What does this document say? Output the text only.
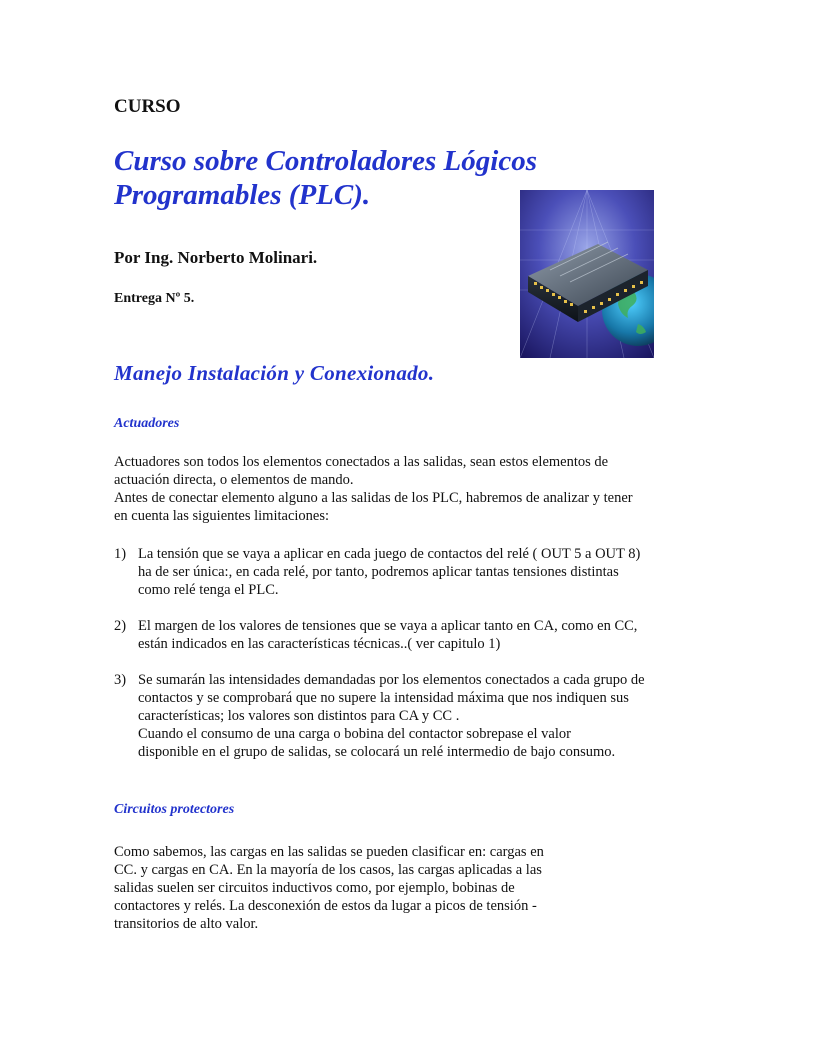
CURSO
Curso sobre Controladores Lógicos
Programables (PLC).

Por Ing. Norberto Molinari.

Entrega Nº 5.

Manejo Instalación y Conexionado.
Actuadores

Actuadores son todos los elementos conectados a las salidas, sean estos elementos de
actuación directa, o elementos de mando.
Antes de conectar elemento alguno a las salidas de los PLC, habremos de analizar y tener
en cuenta las siguientes limitaciones:

1) La tensión que se vaya a aplicar en cada juego de contactos del relé ( OUT 5 a OUT 8)
ha de ser única:, en cada relé, por tanto, podremos aplicar tantas tensiones distintas
como relé tenga el PLC.
2) El margen de los valores de tensiones que se vaya a aplicar tanto en CA, como en CC,
están indicados en las características técnicas..( ver capitulo 1)
3) Se sumarán las intensidades demandadas por los elementos conectados a cada grupo de
contactos y se comprobará que no supere la intensidad máxima que nos indiquen sus
características; los valores son distintos para CA y CC .
Cuando el consumo de una carga o bobina del contactor sobrepase el valor
disponible en el grupo de salidas, se colocará un relé intermedio de bajo consumo.
Circuitos protectores

Como sabemos, las cargas en las salidas se pueden clasificar en: cargas en
CC. y cargas en CA. En la mayoría de los casos, las cargas aplicadas a las
salidas suelen ser circuitos inductivos como, por ejemplo, bobinas de
contactores y relés. La desconexión de estos da lugar a picos de tensión -
transitorios de alto valor.
